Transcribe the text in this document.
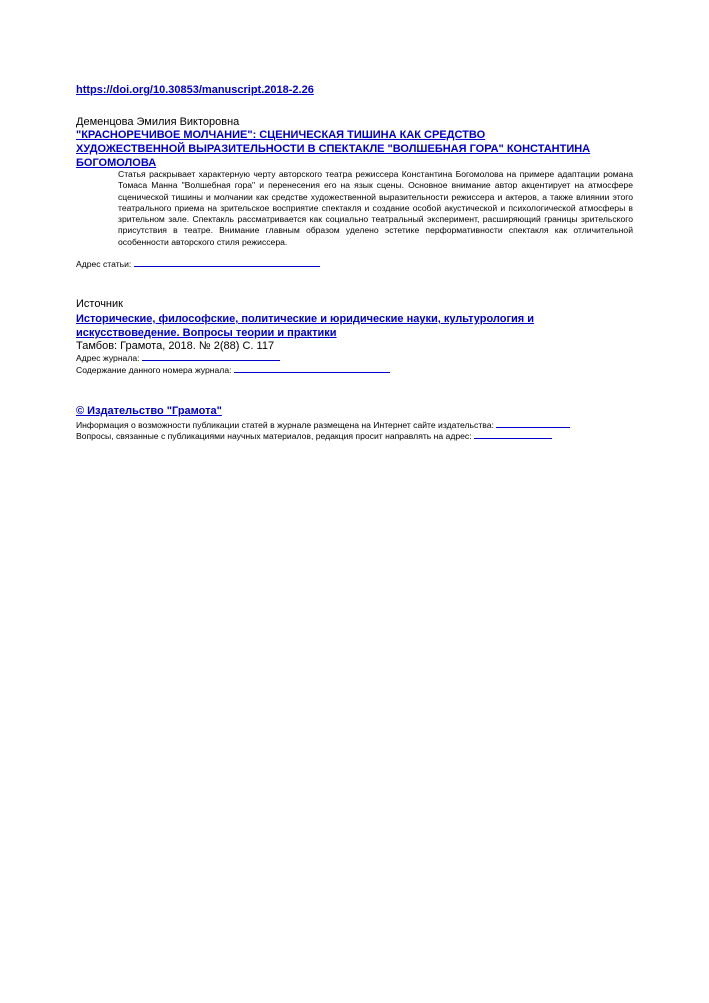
https://doi.org/10.30853/manuscript.2018-2.26
Деменцова Эмилия Викторовна
"КРАСНОРЕЧИВОЕ МОЛЧАНИЕ": СЦЕНИЧЕСКАЯ ТИШИНА КАК СРЕДСТВО ХУДОЖЕСТВЕННОЙ ВЫРАЗИТЕЛЬНОСТИ В СПЕКТАКЛЕ "ВОЛШЕБНАЯ ГОРА" КОНСТАНТИНА БОГОМОЛОВА
Статья раскрывает характерную черту авторского театра режиссера Константина Богомолова на примере адаптации романа Томаса Манна "Волшебная гора" и перенесения его на язык сцены. Основное внимание автор акцентирует на атмосфере сценической тишины и молчании как средстве художественной выразительности режиссера и актеров, а также влиянии этого театрального приема на зрительское восприятие спектакля и создание особой акустической и психологической атмосферы в зрительном зале. Спектакль рассматривается как социально театральный эксперимент, расширяющий границы зрительского присутствия в театре. Внимание главным образом уделено эстетике перформативности спектакля как отличительной особенности авторского стиля режиссера.
Адрес статьи:
Источник
Исторические, философские, политические и юридические науки, культурология и искусствоведение. Вопросы теории и практики
Тамбов: Грамота, 2018. № 2(88) C. 117
Адрес журнала:
Содержание данного номера журнала:
© Издательство "Грамота"
Информация о возможности публикации статей в журнале размещена на Интернет сайте издательства:
Вопросы, связанные с публикациями научных материалов, редакция просит направлять на адрес:
